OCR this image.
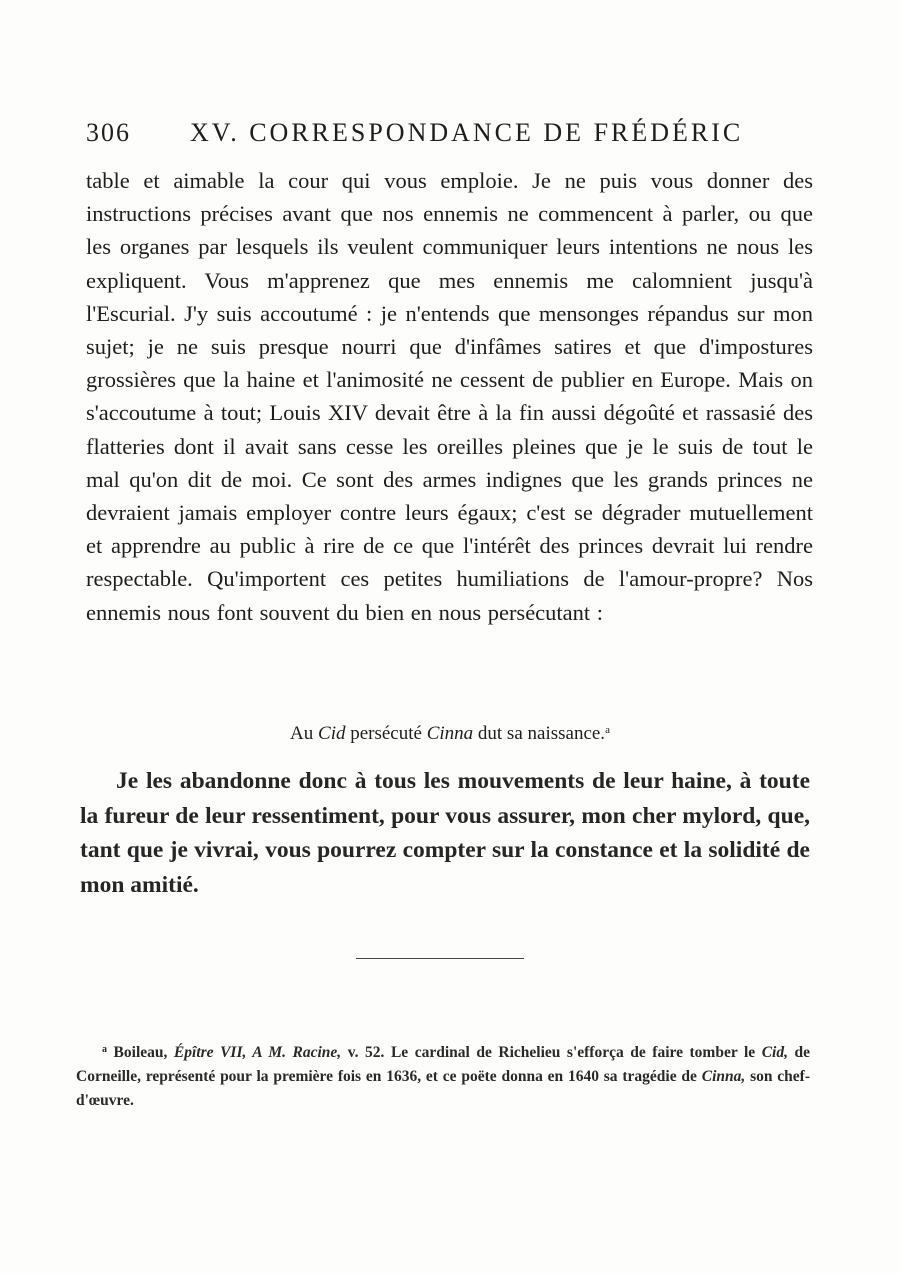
306 XV. CORRESPONDANCE DE FRÉDÉRIC

table et aimable la cour qui vous emploie. Je ne puis vous donner des instructions précises avant que nos ennemis ne commencent à parler, ou que les organes par lesquels ils veulent communiquer leurs intentions ne nous les expliquent. Vous m'apprenez que mes ennemis me calomnient jusqu'à l'Escurial. J'y suis accoutumé : je n'entends que mensonges répandus sur mon sujet; je ne suis presque nourri que d'infâmes satires et que d'impostures grossières que la haine et l'animosité ne cessent de publier en Europe. Mais on s'accoutume à tout; Louis XIV devait être à la fin aussi dégoûté et rassasié des flatteries dont il avait sans cesse les oreilles pleines que je le suis de tout le mal qu'on dit de moi. Ce sont des armes indignes que les grands princes ne devraient jamais employer contre leurs égaux; c'est se dégrader mutuellement et apprendre au public à rire de ce que l'intérêt des princes devrait lui rendre respectable. Qu'importent ces petites humiliations de l'amour-propre? Nos ennemis nous font souvent du bien en nous persécutant :

Au Cid persécuté Cinna dut sa naissance.$^a$

Je les abandonne donc à tous les mouvements de leur haine, à toute la fureur de leur ressentiment, pour vous assurer, mon cher mylord, que, tant que je vivrai, vous pourrez compter sur la constance et la solidité de mon amitié.

$^a$ Boileau, Épître VII, A M. Racine, v. 52. Le cardinal de Richelieu s'efforça de faire tomber le Cid, de Corneille, représenté pour la première fois en 1636, et ce poëte donna en 1640 sa tragédie de Cinna, son chef-d'œuvre.
